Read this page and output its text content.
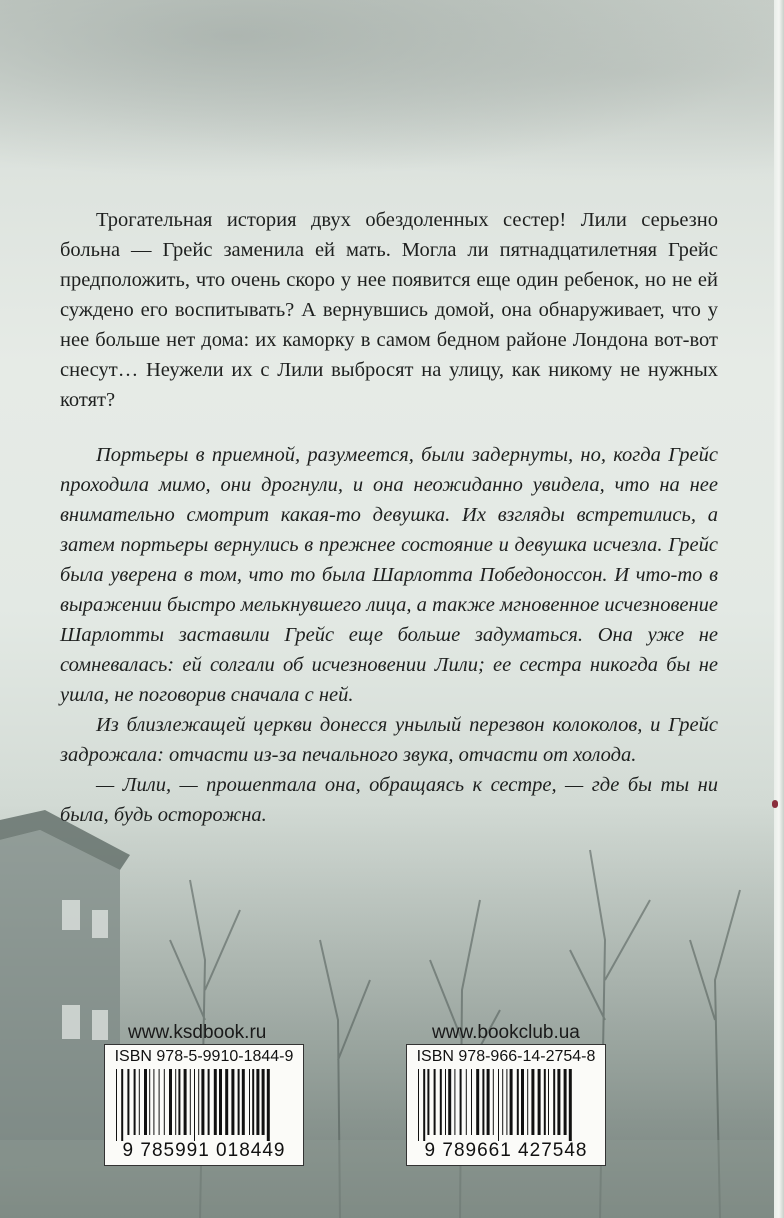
Трогательная история двух обездоленных сестер! Лили серьезно больна — Грейс заменила ей мать. Могла ли пятнадцатилетняя Грейс предположить, что очень скоро у нее появится еще один ребенок, но не ей суждено его воспитывать? А вернувшись домой, она обнаруживает, что у нее больше нет дома: их каморку в самом бедном районе Лондона вот-вот снесут… Неужели их с Лили выбросят на улицу, как никому не нужных котят?

Портьеры в приемной, разумеется, были задернуты, но, когда Грейс проходила мимо, они дрогнули, и она неожиданно увидела, что на нее внимательно смотрит какая-то девушка. Их взгляды встретились, а затем портьеры вернулись в прежнее состояние и девушка исчезла. Грейс была уверена в том, что то была Шарлотта Победоноссон. И что-то в выражении быстро мелькнувшего лица, а также мгновенное исчезновение Шарлотты заставили Грейс еще больше задуматься. Она уже не сомневалась: ей солгали об исчезновении Лили; ее сестра никогда бы не ушла, не поговорив сначала с ней.

Из близлежащей церкви донесся унылый перезвон колоколов, и Грейс задрожала: отчасти из-за печального звука, отчасти от холода.

— Лили, — прошептала она, обращаясь к сестре, — где бы ты ни была, будь осторожна.

www.ksdbook.ru	www.bookclub.ua
ISBN 978-5-9910-1844-9
9 785991 018449
ISBN 978-966-14-2754-8
9 789661 427548
